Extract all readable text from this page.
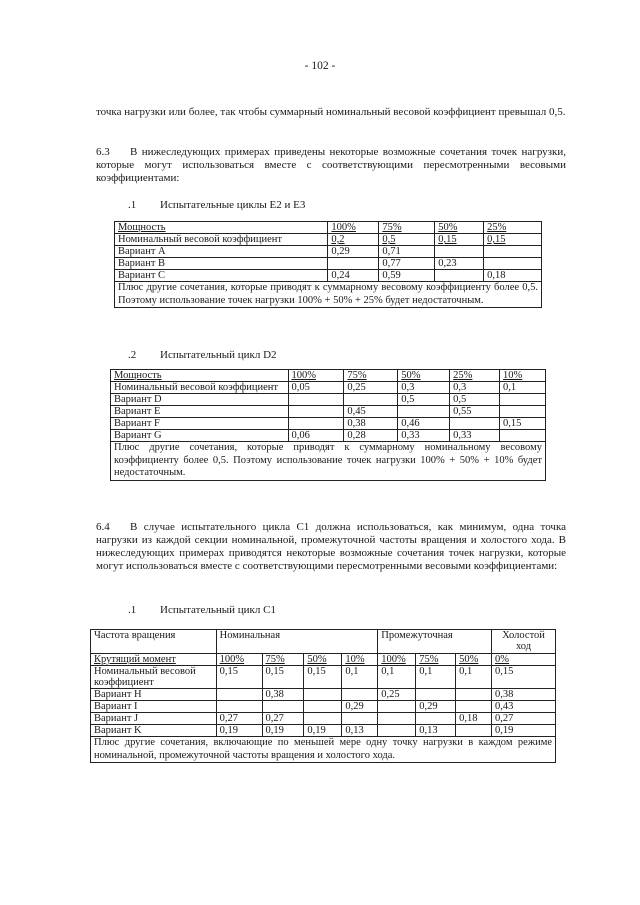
- 102 -
точка нагрузки или более, так чтобы суммарный номинальный весовой коэффициент превышал 0,5.
6.3 В нижеследующих примерах приведены некоторые возможные сочетания точек нагрузки, которые могут использоваться вместе с соответствующими пересмотренными весовыми коэффициентами:
.1 Испытательные циклы E2 и E3
Мощность	100%	75%	50%	25%
Номинальный весовой коэффициент	0,2	0,5	0,15	0,15
Вариант А	0,29	0,71		
Вариант В		0,77	0,23	
Вариант С	0,24	0,59		0,18
Плюс другие сочетания, которые приводят к суммарному весовому коэффициенту более 0,5. Поэтому использование точек нагрузки 100% + 50% + 25% будет недостаточным.				
.2 Испытательный цикл D2
Мощность	100%	75%	50%	25%	10%
Номинальный весовой коэффициент	0,05	0,25	0,3	0,3	0,1
Вариант D			0,5	0,5	
Вариант E		0,45		0,55	
Вариант F		0,38	0,46		0,15
Вариант G	0,06	0,28	0,33	0,33	
Плюс другие сочетания, которые приводят к суммарному номинальному весовому коэффициенту более 0,5. Поэтому использование точек нагрузки 100% + 50% + 10% будет недостаточным.					
6.4 В случае испытательного цикла C1 должна использоваться, как минимум, одна точка нагрузки из каждой секции номинальной, промежуточной частоты вращения и холостого хода. В нижеследующих примерах приводятся некоторые возможные сочетания точек нагрузки, которые могут использоваться вместе с соответствующими пересмотренными весовыми коэффициентами:
.1 Испытательный цикл C1
Частота вращения	Номинальная				Промежуточная			Холостой ход
Крутящий момент	100%	75%	50%	10%	100%	75%	50%	0%
Номинальный весовой коэффициент	0,15	0,15	0,15	0,1	0,1	0,1	0,1	0,15
Вариант H		0,38			0,25			0,38
Вариант I				0,29		0,29		0,43
Вариант J	0,27	0,27					0,18	0,27
Вариант K	0,19	0,19	0,19	0,13		0,13		0,19
Плюс другие сочетания, включающие по меньшей мере одну точку нагрузки в каждом режиме номинальной, промежуточной частоты вращения и холостого хода.								
